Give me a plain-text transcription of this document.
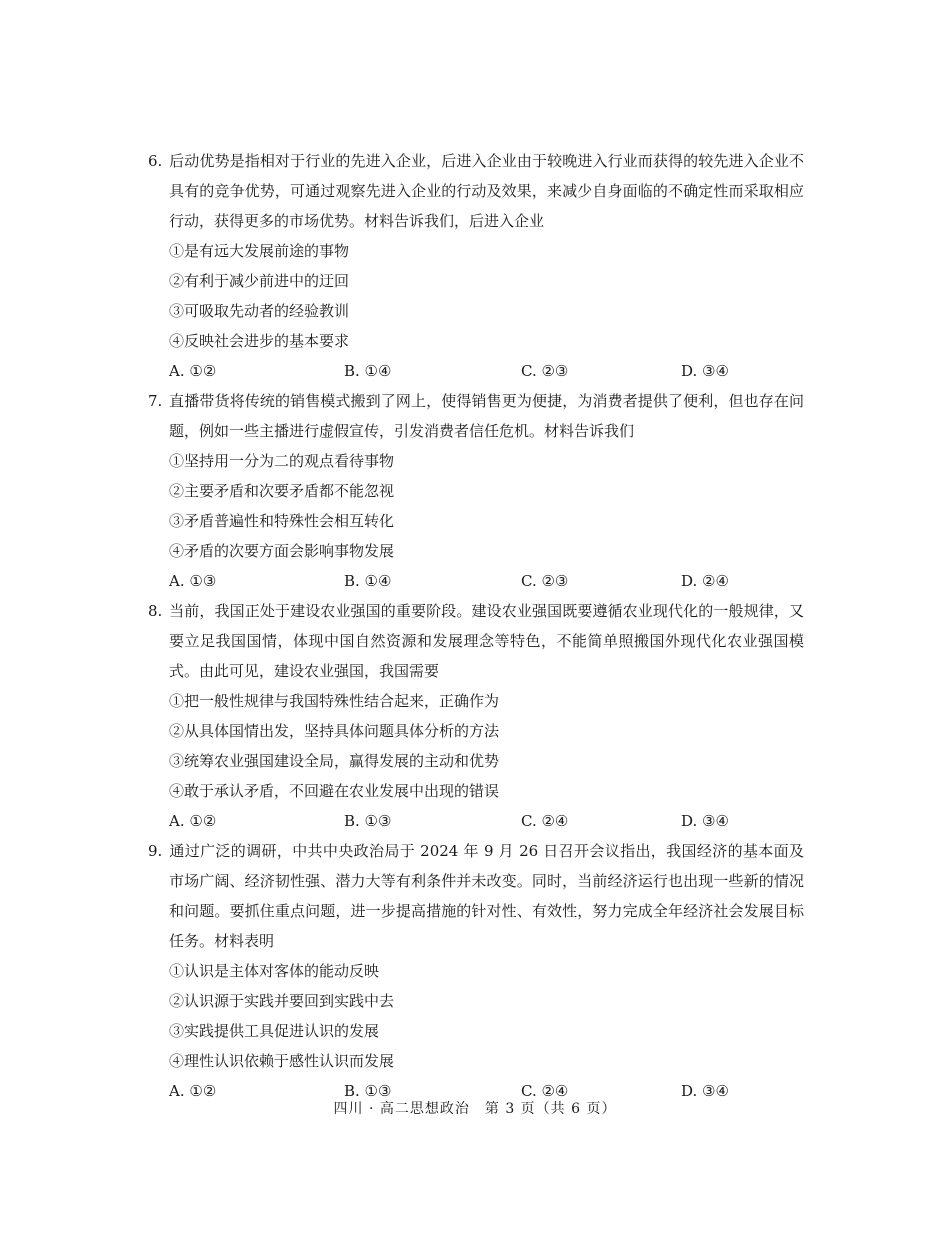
6. 后动优势是指相对于行业的先进入企业，后进入企业由于较晚进入行业而获得的较先进入企业不具有的竞争优势，可通过观察先进入企业的行动及效果，来减少自身面临的不确定性而采取相应行动，获得更多的市场优势。材料告诉我们，后进入企业

①是有远大发展前途的事物

②有利于减少前进中的迂回

③可吸取先动者的经验教训

④反映社会进步的基本要求

A. ①②	B. ①④	C. ②③	D. ③④

7. 直播带货将传统的销售模式搬到了网上，使得销售更为便捷，为消费者提供了便利，但也存在问题，例如一些主播进行虚假宣传，引发消费者信任危机。材料告诉我们

①坚持用一分为二的观点看待事物

②主要矛盾和次要矛盾都不能忽视

③矛盾普遍性和特殊性会相互转化

④矛盾的次要方面会影响事物发展

A. ①③	B. ①④	C. ②③	D. ②④

8. 当前，我国正处于建设农业强国的重要阶段。建设农业强国既要遵循农业现代化的一般规律，又要立足我国国情，体现中国自然资源和发展理念等特色，不能简单照搬国外现代化农业强国模式。由此可见，建设农业强国，我国需要

①把一般性规律与我国特殊性结合起来，正确作为

②从具体国情出发，坚持具体问题具体分析的方法

③统筹农业强国建设全局，赢得发展的主动和优势

④敢于承认矛盾，不回避在农业发展中出现的错误

A. ①②	B. ①③	C. ②④	D. ③④

9. 通过广泛的调研，中共中央政治局于 2024 年 9 月 26 日召开会议指出，我国经济的基本面及市场广阔、经济韧性强、潜力大等有利条件并未改变。同时，当前经济运行也出现一些新的情况和问题。要抓住重点问题，进一步提高措施的针对性、有效性，努力完成全年经济社会发展目标任务。材料表明

①认识是主体对客体的能动反映

②认识源于实践并要回到实践中去

③实践提供工具促进认识的发展

④理性认识依赖于感性认识而发展

A. ①②	B. ①③	C. ②④	D. ③④
四川 · 高二思想政治　第 3 页（共 6 页）
